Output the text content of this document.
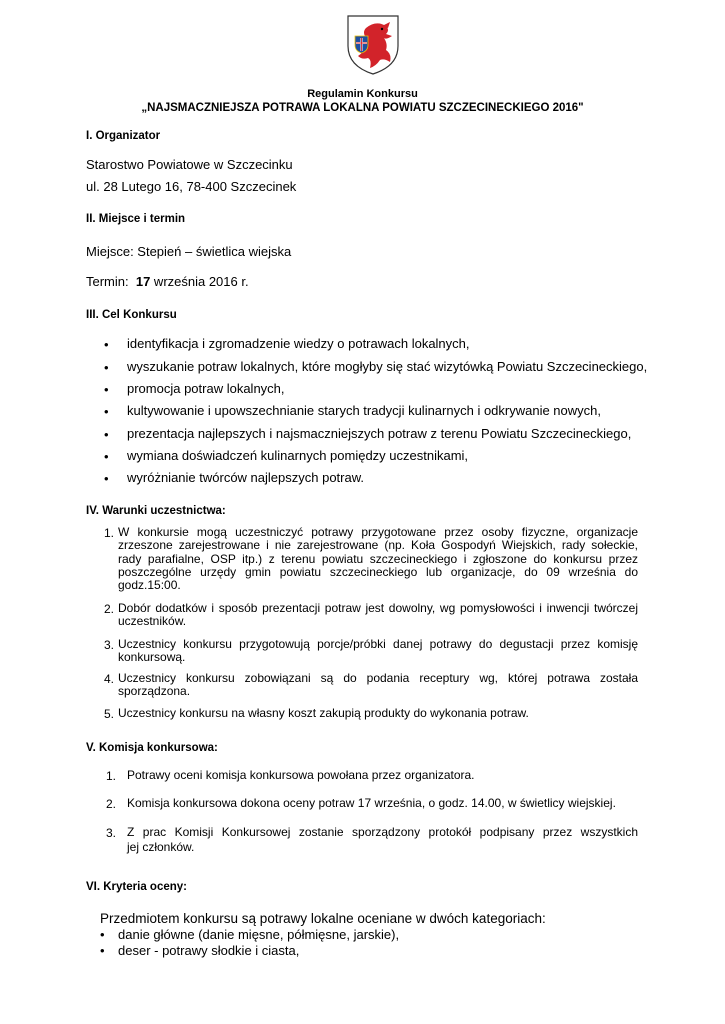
Regulamin Konkursu
„NAJSMACZNIEJSZA POTRAWA LOKALNA POWIATU SZCZECINECKIEGO 2016"
I. Organizator
Starostwo Powiatowe w Szczecinku
ul. 28 Lutego 16, 78-400 Szczecinek
II. Miejsce i termin
Miejsce: Stepień – świetlica wiejska
Termin:  17 września 2016 r.
III. Cel Konkursu
• identyfikacja i zgromadzenie wiedzy o potrawach lokalnych,
• wyszukanie potraw lokalnych, które mogłyby się stać wizytówką Powiatu Szczecineckiego,
• promocja potraw lokalnych,
• kultywowanie i upowszechnianie starych tradycji kulinarnych i odkrywanie nowych,
• prezentacja najlepszych i najsmaczniejszych potraw z terenu Powiatu Szczecineckiego,
• wymiana doświadczeń kulinarnych pomiędzy uczestnikami,
• wyróżnianie twórców najlepszych potraw.
IV. Warunki uczestnictwa:
1. W konkursie mogą uczestniczyć potrawy przygotowane przez osoby fizyczne, organizacje
zrzeszone zarejestrowane i nie zarejestrowane (np. Koła Gospodyń Wiejskich, rady sołeckie,
rady parafialne, OSP itp.) z terenu powiatu szczecineckiego i zgłoszone do konkursu przez
poszczególne urzędy gmin powiatu szczecineckiego lub organizacje, do 09 września do
godz.15:00.
2. Dobór dodatków i sposób prezentacji potraw jest dowolny, wg pomysłowości i inwencji twórczej
uczestników.
3. Uczestnicy konkursu przygotowują porcje/próbki danej potrawy do degustacji przez komisję
konkursową.
4. Uczestnicy konkursu zobowiązani są do podania receptury wg, której potrawa została
sporządzona.
5. Uczestnicy konkursu na własny koszt zakupią produkty do wykonania potraw.
V. Komisja konkursowa:
1. Potrawy oceni komisja konkursowa powołana przez organizatora.
2. Komisja konkursowa dokona oceny potraw 17 września, o godz. 14.00, w świetlicy wiejskiej.
3. Z prac Komisji Konkursowej zostanie sporządzony protokół podpisany przez wszystkich
jej członków.
VI. Kryteria oceny:
Przedmiotem konkursu są potrawy lokalne oceniane w dwóch kategoriach:
• danie główne (danie mięsne, półmięsne, jarskie),
• deser - potrawy słodkie i ciasta,
